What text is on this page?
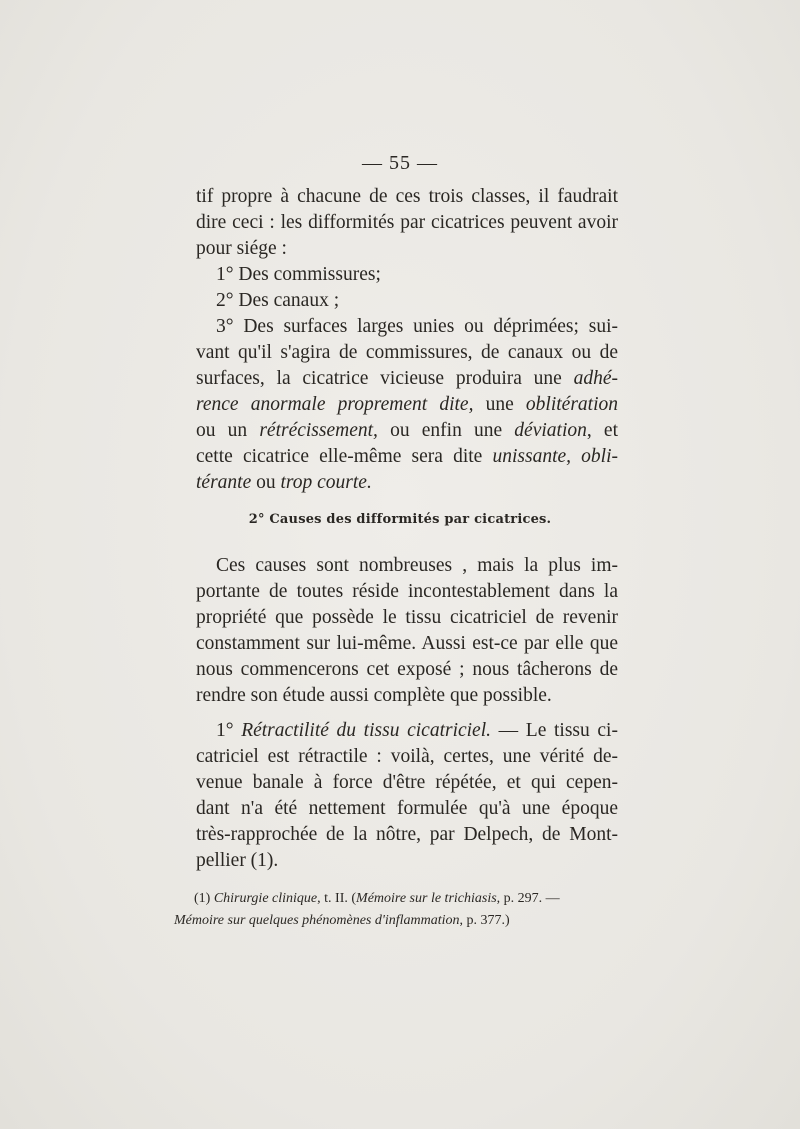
— 55 —
tif propre à chacune de ces trois classes, il faudrait
dire ceci : les difformités par cicatrices peuvent avoir
pour siége :
1° Des commissures;
2° Des canaux ;
3° Des surfaces larges unies ou déprimées; sui-
vant qu'il s'agira de commissures, de canaux ou de
surfaces, la cicatrice vicieuse produira une adhé-
rence anormale proprement dite, une oblitération
ou un rétrécissement, ou enfin une déviation, et
cette cicatrice elle-même sera dite unissante, obli-
térante ou trop courte.
2° Causes des difformités par cicatrices.
Ces causes sont nombreuses , mais la plus im-
portante de toutes réside incontestablement dans la
propriété que possède le tissu cicatriciel de revenir
constamment sur lui-même. Aussi est-ce par elle que
nous commencerons cet exposé ; nous tâcherons de
rendre son étude aussi complète que possible.
1° Rétractilité du tissu cicatriciel. — Le tissu ci-
catriciel est rétractile : voilà, certes, une vérité de-
venue banale à force d'être répétée, et qui cepen-
dant n'a été nettement formulée qu'à une époque
très-rapprochée de la nôtre, par Delpech, de Mont-
pellier (1).
(1) Chirurgie clinique, t. II. (Mémoire sur le trichiasis, p. 297. —
Mémoire sur quelques phénomènes d'inflammation, p. 377.)
